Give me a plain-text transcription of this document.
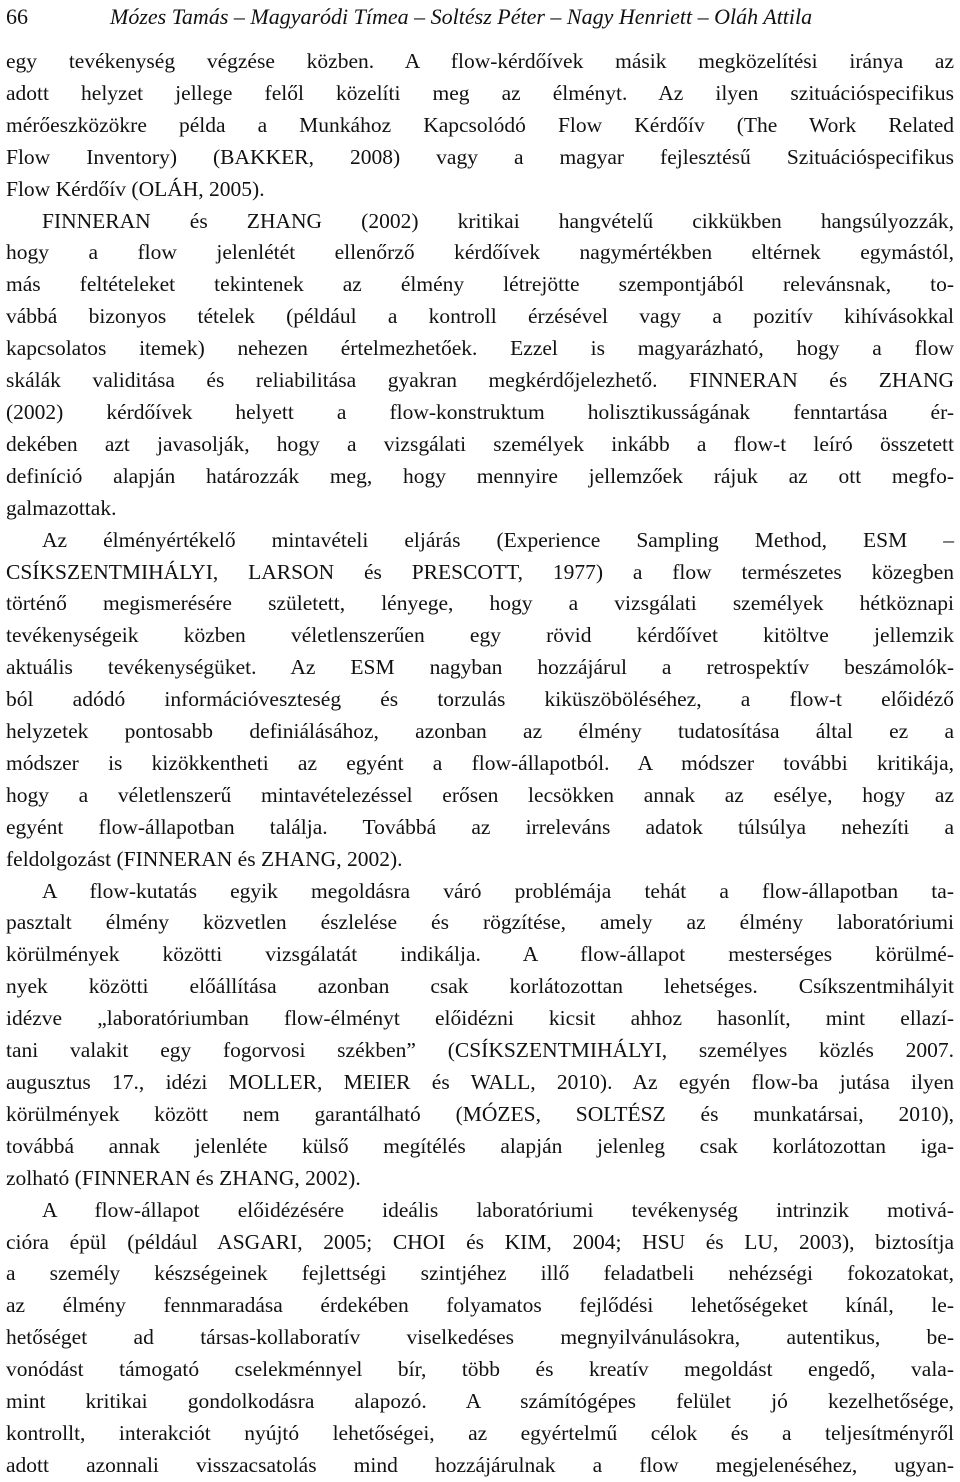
66	Mózes Tamás – Magyaródi Tímea – Soltész Péter – Nagy Henriett – Oláh Attila

egy tevékenység végzése közben. A flow-kérdőívek másik megközelítési iránya az

adott helyzet jellege felől közelíti meg az élményt. Az ilyen szituációspecifikus

mérőeszközökre példa a Munkához Kapcsolódó Flow Kérdőív (The Work Related

Flow Inventory) (BAKKER, 2008) vagy a magyar fejlesztésű Szituációspecifikus

Flow Kérdőív (OLÁH, 2005).

FINNERAN és ZHANG (2002) kritikai hangvételű cikkükben hangsúlyozzák,

hogy a flow jelenlétét ellenőrző kérdőívek nagymértékben eltérnek egymástól,

más feltételeket tekintenek az élmény létrejötte szempontjából relevánsnak, to-

vábbá bizonyos tételek (például a kontroll érzésével vagy a pozitív kihívásokkal

kapcsolatos itemek) nehezen értelmezhetőek. Ezzel is magyarázható, hogy a flow

skálák validitása és reliabilitása gyakran megkérdőjelezhető. FINNERAN és ZHANG

(2002) kérdőívek helyett a flow-konstruktum holisztikusságának fenntartása ér-

dekében azt javasolják, hogy a vizsgálati személyek inkább a flow-t leíró összetett

definíció alapján határozzák meg, hogy mennyire jellemzőek rájuk az ott megfo-

galmazottak.

Az élményértékelő mintavételi eljárás (Experience Sampling Method, ESM –

CSÍKSZENTMIHÁLYI, LARSON és PRESCOTT, 1977) a flow természetes közegben

történő megismerésére született, lényege, hogy a vizsgálati személyek hétköznapi

tevékenységeik közben véletlenszerűen egy rövid kérdőívet kitöltve jellemzik

aktuális tevékenységüket. Az ESM nagyban hozzájárul a retrospektív beszámolók-

ból adódó információveszteség és torzulás kiküszöböléséhez, a flow-t előidéző

helyzetek pontosabb definiálásához, azonban az élmény tudatosítása által ez a

módszer is kizökkentheti az egyént a flow-állapotból. A módszer további kritikája,

hogy a véletlenszerű mintavételezéssel erősen lecsökken annak az esélye, hogy az

egyént flow-állapotban találja. Továbbá az irreleváns adatok túlsúlya nehezíti a

feldolgozást (FINNERAN és ZHANG, 2002).

A flow-kutatás egyik megoldásra váró problémája tehát a flow-állapotban ta-

pasztalt élmény közvetlen észlelése és rögzítése, amely az élmény laboratóriumi

körülmények közötti vizsgálatát indikálja. A flow-állapot mesterséges körülmé-

nyek közötti előállítása azonban csak korlátozottan lehetséges. Csíkszentmihályit

idézve „laboratóriumban flow-élményt előidézni kicsit ahhoz hasonlít, mint ellazí-

tani valakit egy fogorvosi székben” (CSÍKSZENTMIHÁLYI, személyes közlés 2007.

augusztus 17., idézi MOLLER, MEIER és WALL, 2010). Az egyén flow-ba jutása ilyen

körülmények között nem garantálható (MÓZES, SOLTÉSZ és munkatársai, 2010),

továbbá annak jelenléte külső megítélés alapján jelenleg csak korlátozottan iga-

zolható (FINNERAN és ZHANG, 2002).

A flow-állapot előidézésére ideális laboratóriumi tevékenység intrinzik motivá-

cióra épül (például ASGARI, 2005; CHOI és KIM, 2004; HSU és LU, 2003), biztosítja

a személy készségeinek fejlettségi szintjéhez illő feladatbeli nehézségi fokozatokat,

az élmény fennmaradása érdekében folyamatos fejlődési lehetőségeket kínál, le-

hetőséget ad társas-kollaboratív viselkedéses megnyilvánulásokra, autentikus, be-

vonódást támogató cselekménnyel bír, több és kreatív megoldást engedő, vala-

mint kritikai gondolkodásra alapozó. A számítógépes felület jó kezelhetősége,

kontrollt, interakciót nyújtó lehetőségei, az egyértelmű célok és a teljesítményről

adott azonnali visszacsatolás mind hozzájárulnak a flow megjelenéséhez, ugyan-
